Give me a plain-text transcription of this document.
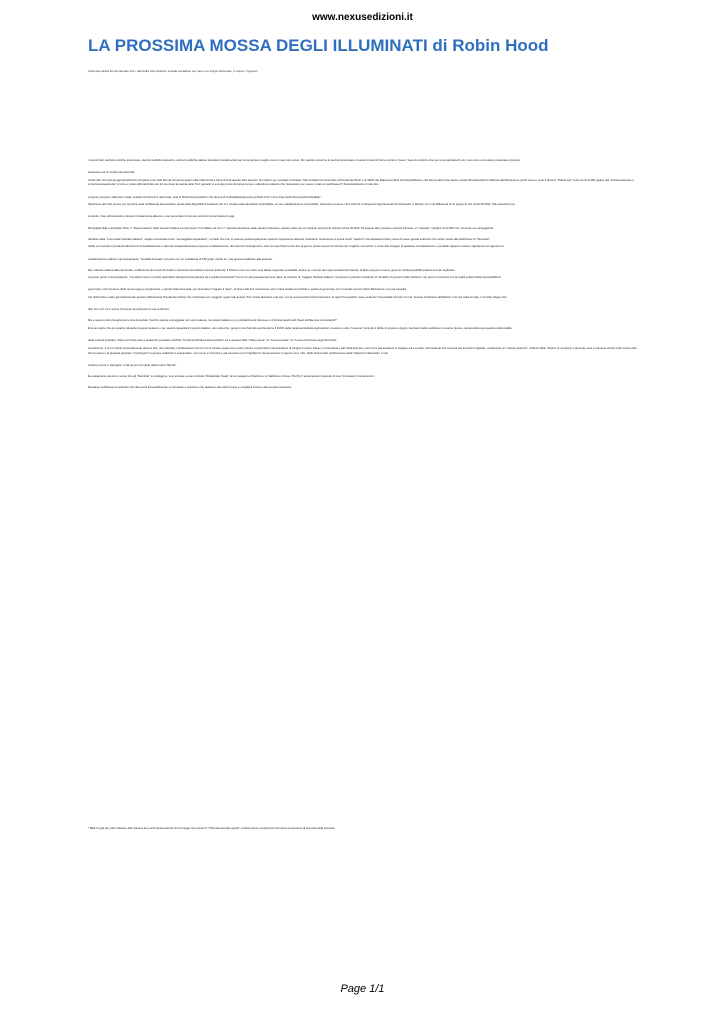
www.nexusedizioni.it
LA PROSSIMA MOSSA DEGLI ILLUMINATI di Robin Hood
Chiunque abbia finora pensato che i fatti della vita politica e sociale accadano per caso si è troppo illuminato, è troppo "ingenuo".

I recenti fatti: elezioni politiche americane, elezioni politiche tedesche, elezioni politiche italiane diventano fondamentali per comprendere meglio come il caso non esiste. Per quanto concerne le elezioni americane ci siamo trovati di fronte al primo "nuovo" caso di elezioni vinte per una manciata di voti, così come sono state presentate al popolo

americano ed ai media internazionali.

Inutile dire che tutti gli approfondimenti comparsi sono stati fatti da numerosi autori sulla truffa di tali e forse chissà quante altre elezioni. Noi diamo per scontato il risultato. Tale risultato ha consentito al Presidente Bush e al 100% dei Rappresentanti dei Repubblicani e dei Democratici (che hanno votato all'unanimità) di ratificare definitivamente pochi mesi or sono il famoso "Patriot Act": testo di circa 300 pagine già "misteriosamente e contemporaneamente" pronto e votato all'unanimità solo 24 ore dopo la caduta delle Torri gemelle (o era già pronto da lungo tempo e attendeva soltanto che l'occasione per essere votato si realizzasse?) Sostanzialmente in tale Atto

vengono scoperti, abilmente celati, tentativi di sicurezza nazionale, tutte le libertà democratiche che da secoli contraddistinguevano gli Stati Uniti "come Faro della Democrazia Mondiale".

Situazione del tutto nuova, per la prima volta nell'Europa democratica, quella della Repubblica Tedesca che si è trovata nella altrettanto improbabile, se non statisticamente impossibile, situazione di avere i due blocchi contrapposti rappresentati da Schroeder e Merkel, con una differenza di un pugno di voti (circa 50.000). Tale situazione ha

condotto i due schieramenti a dovere forzatamente allearsi e così governare di comune accordo la Germania di oggi.

Meraviglia delle meraviglie infine, il "Superenalotto" delle elezioni italiane ha riproposto "incredibile ma vero !!" identica situazione delle elezioni tedesche, questa volta con un margine ancora più ristretto (circa 25.000). Mi aspetto alle prossime elezioni francesi, un "casuale" margine di 10.000 voti, ma forse sto vaneggiando.

Variante della "Commedia Teatrale Italiana", meglio conosciuta come "sceneggiata napoletana", è il fatto che non si potesse pedissequamente ripetere l'esperienza tedesca: dobbiamo riconoscere a questi nostri "padroni" una fantasia fervida, piena di nuove geniali soluzioni che rende merito alla definizione di "Illuminati".

Infatti, pur avendo il perdente Berlusconi immediatamente e dal tutto inaspettatamente proposto un'alleanza tra i due blocchi contrapposti e cioè con quel blocco che fino al giorno prima era per lui formato da "cogliòni, comunisti" e come tale indegno di qualsiasi considerazione e possibile rapporto umano, figuriamoci un rapporto di

collaborazione politica, improvvisamente "moralità inusuale" propone con un voltafaccia di 180 gradi, anche lui, una grossa coalizione alla tedesca.

Ma, variante italiana alla commedia, a differenza dei nostri più fedeli e nazionali consolidarsi europei tedeschi, il Prodi in coro con tutti i suoi alleati nega tale possibilità, anche se i numeri dei rappresentanti del Senato di fatto porgono il nuovo governo nell'impossibilità pratica di poter legiferare.

A questo punto vi domanderete: "ma allora come è perché assimilarci all'esperienza tedesca ed a quella americana?" Come ho già precedentemente detto, la variante di "maggior fantasia italiana" comporta un periodo transitorio di "tentativo di governo dello Sinistra" che però si scontrerà con la realtà pratica della impossibilità di

governare; crisi di potere delle nuove leggi a compimento, e quindi nella necessità, per dovendosi "tappare il naso", di dover alla fine riconoscere che l'unica strada percorribile è quella di governare con il mortale nemico Silvio Berlusconi e la sua squadra.

Ciò d'altronde è stato già chiaramente asserito dall'uscente Presidente Ciampi che rimarcava con maggiori regole tale ipotesi, fino a farla diventare una tesi, con la sua presente futura rielezione. E quindi ha qualche mese vedremo l'inesorabile formarsi di una "Grossa Coalizione all'italiana" e fin qui nulla di male, il vecchio adagio che

dice che non c'è 2 senza 3 troverà nuovamente la sua conferma.

Ma a questo punto bisogna porsi una domanda: "perché questa sceneggiata non solo tedesca, ma presto italiana e poi probabilmente francese e di chissà quanti altri Paesi dell'Europa comunitaria?".

È bene capire che per quanto riguarda il popolo tedesco e per quanto riguarderà il popolo italiano, una volta che i governi così formati esprimeranno il 100% della rappresentatività degli elettori, nessuno e dico "nessuno" avrà più il diritto di opporsi a leggi e decisioni della coalizione in quanto piena e democratica espressione della totalità

della volontà popolare. Siamo di fronte cioè a quella che possiamo definire "la Nuova Dittatura Democratica" ed a questa infatti "l'idea nuova", la "nuova trovata", la "nuova invenzione degli Illuminati".

Accadrà poi, a cui mi duole profondamente dovervi dire, che attentati, manifestazioni (di cui non si trovano quasi mai i resti), bombe a quant'altro macchieranno di sangue il nostro Paese, la Germania e altri Stati Europei, così come già accaduto in Spagna ed a Londra, dimostrando che la teoria del terrorismo globale, ovviamente di "matrice islamica", di Bush, Blair, Sharon & company è talmente vera e presente anche nelle nostre città che la paura e la protesta popolare "costringerà" le grosse coalizioni a sospendere, così come in America e già avvenuto ed in Inghilterra* sta avvenendo in questi mesi, tutti i diritti democratici nell'interesse della "Salvezza Nazionale" e tutti

saranno pronti a "delegare" a tali governi la tutela della nostra "libertà".

È esattamente questo lo scopo che gli "Illuminati" si prefiggono, così arrivare a quel controllo "Dittatoriale Totale" al cui paragone il Nazismo, lo Stalinismo incluso "Pol Pot" assumeranno l'aspetto di una "Crociata di Crocerossine".

Restiamo nell'attesa di verificare che tali eventi inesorabilmente si compiano e speriamo che qualcuno dei lettori riesca a svegliarsi insieme alla propria coscienza.

* Blair ha già più volte richiesto alla Camera dei Lordi l'approvazione di una legge che autorizzi "Tribunali speciali segreti" con/ammesso compimento di tortura ed assenza di avvocati degli accusati.
Page 1/1
